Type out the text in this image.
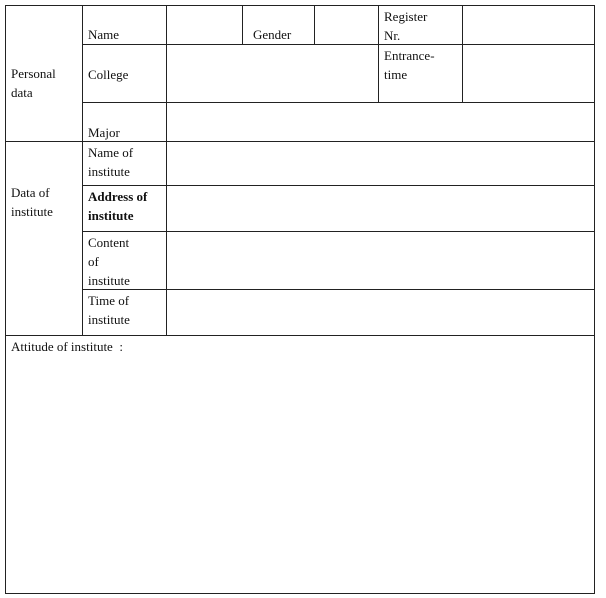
Personal
data
Name	Gender
Register
Nr.
College
Entrance-
time
Major
Data of
institute
Name of
institute
Address of
institute
Content
of
institute
Time of
institute
Attitude of institute :
